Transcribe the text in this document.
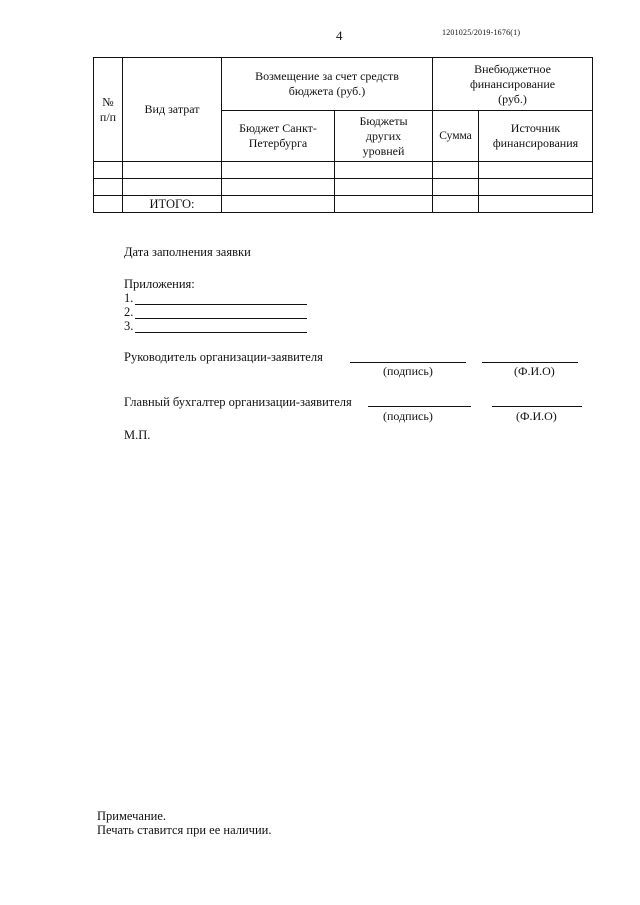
4	1201025/2019-1676(1)
№
п/п	Вид затрат	Возмещение за счет средств бюджета (руб.)		Внебюджетное финансирование (руб.)	
		Бюджет Санкт-Петербурга	Бюджеты других уровней	Сумма	Источник финансирования

	ИТОГО:				
Дата заполнения заявки
Приложения:
1.
2.
3.
Руководитель организации-заявителя
(подпись)	(Ф.И.О)
Главный бухгалтер организации-заявителя
(подпись)	(Ф.И.О)
М.П.
Примечание.
Печать ставится при ее наличии.
